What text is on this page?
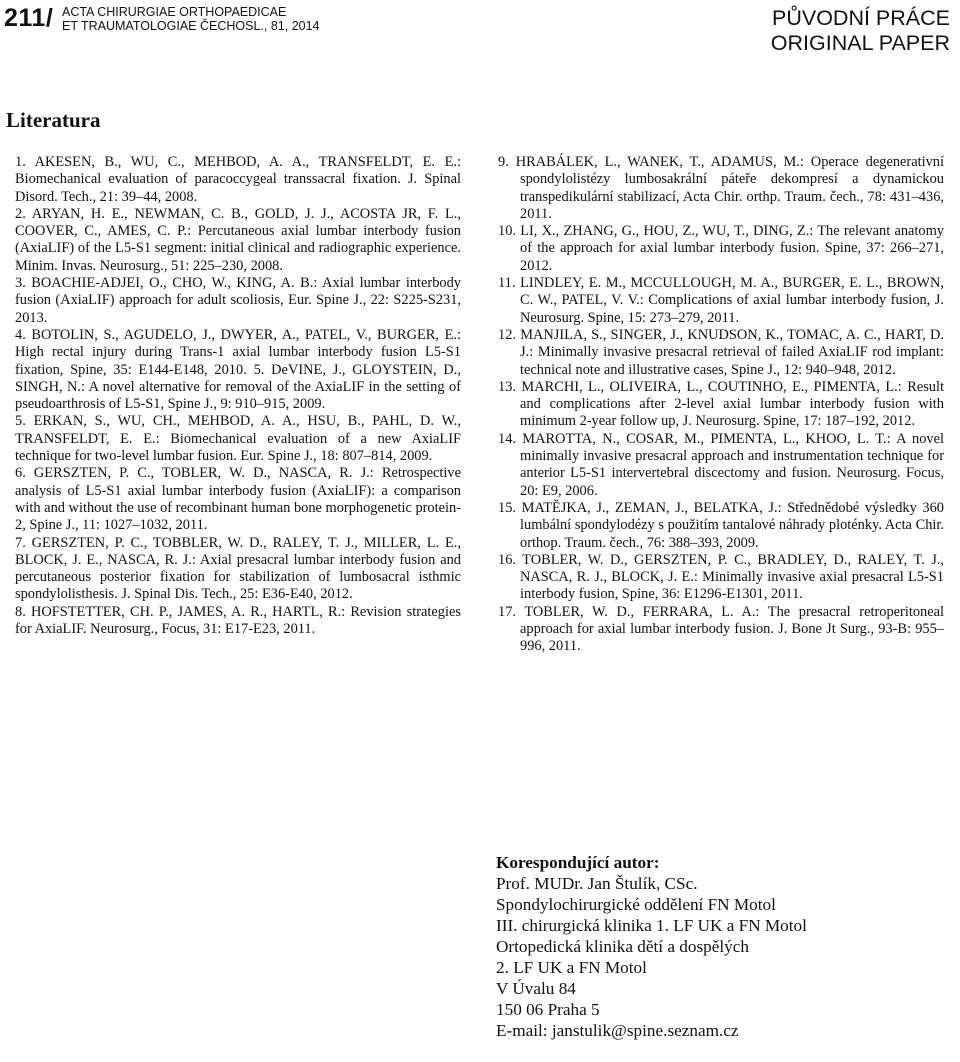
211/ ACTA CHIRURGIAE ORTHOPAEDICAE
ET TRAUMATOLOGIAE ČECHOSL., 81, 2014	PŮVODNÍ PRÁCE
ORIGINAL PAPER
Literatura

1. AKESEN, B., WU, C., MEHBOD, A. A., TRANSFELDT, E. E.: Biomechanical evaluation of paracoccygeal transsacral fixation. J. Spinal Disord. Tech., 21: 39–44, 2008.

2. ARYAN, H. E., NEWMAN, C. B., GOLD, J. J., ACOSTA JR, F. L., COOVER, C., AMES, C. P.: Percutaneous axial lumbar interbody fusion (AxiaLIF) of the L5-S1 segment: initial clinical and radiographic experience. Minim. Invas. Neurosurg., 51: 225–230, 2008.

3. BOACHIE-ADJEI, O., CHO, W., KING, A. B.: Axial lumbar interbody fusion (AxiaLIF) approach for adult scoliosis, Eur. Spine J., 22: S225-S231, 2013.

4. BOTOLIN, S., AGUDELO, J., DWYER, A., PATEL, V., BURGER, E.: High rectal injury during Trans-1 axial lumbar interbody fusion L5-S1 fixation, Spine, 35: E144-E148, 2010. 5. DeVINE, J., GLOYSTEIN, D., SINGH, N.: A novel alternative for removal of the AxiaLIF in the setting of pseudoarthrosis of L5-S1, Spine J., 9: 910–915, 2009.

5. ERKAN, S., WU, CH., MEHBOD, A. A., HSU, B., PAHL, D. W., TRANSFELDT, E. E.: Biomechanical evaluation of a new AxiaLIF technique for two-level lumbar fusion. Eur. Spine J., 18: 807–814, 2009.

6. GERSZTEN, P. C., TOBLER, W. D., NASCA, R. J.: Retrospective analysis of L5-S1 axial lumbar interbody fusion (AxiaLIF): a comparison with and without the use of recombinant human bone morphogenetic protein-2, Spine J., 11: 1027–1032, 2011.

7. GERSZTEN, P. C., TOBBLER, W. D., RALEY, T. J., MILLER, L. E., BLOCK, J. E., NASCA, R. J.: Axial presacral lumbar interbody fusion and percutaneous posterior fixation for stabilization of lumbosacral isthmic spondylolisthesis. J. Spinal Dis. Tech., 25: E36-E40, 2012.

8. HOFSTETTER, CH. P., JAMES, A. R., HARTL, R.: Revision strategies for AxiaLIF. Neurosurg., Focus, 31: E17-E23, 2011.

9. HRABÁLEK, L., WANEK, T., ADAMUS, M.: Operace degenerativní spondylolistézy lumbosakrální páteře dekompresí a dynamickou transpedikulární stabilizací, Acta Chir. orthp. Traum. čech., 78: 431–436, 2011.

10. LI, X., ZHANG, G., HOU, Z., WU, T., DING, Z.: The relevant anatomy of the approach for axial lumbar interbody fusion. Spine, 37: 266–271, 2012.

11. LINDLEY, E. M., MCCULLOUGH, M. A., BURGER, E. L., BROWN, C. W., PATEL, V. V.: Complications of axial lumbar interbody fusion, J. Neurosurg. Spine, 15: 273–279, 2011.

12. MANJILA, S., SINGER, J., KNUDSON, K., TOMAC, A. C., HART, D. J.: Minimally invasive presacral retrieval of failed AxiaLIF rod implant: technical note and illustrative cases, Spine J., 12: 940–948, 2012.

13. MARCHI, L., OLIVEIRA, L., COUTINHO, E., PIMENTA, L.: Result and complications after 2-level axial lumbar interbody fusion with minimum 2-year follow up, J. Neurosurg. Spine, 17: 187–192, 2012.

14. MAROTTA, N., COSAR, M., PIMENTA, L., KHOO, L. T.: A novel minimally invasive presacral approach and instrumentation technique for anterior L5-S1 intervertebral discectomy and fusion. Neurosurg. Focus, 20: E9, 2006.

15. MATĚJKA, J., ZEMAN, J., BELATKA, J.: Střednědobé výsledky 360 lumbální spondylodézy s použitím tantalové náhrady ploténky. Acta Chir. orthop. Traum. čech., 76: 388–393, 2009.

16. TOBLER, W. D., GERSZTEN, P. C., BRADLEY, D., RALEY, T. J., NASCA, R. J., BLOCK, J. E.: Minimally invasive axial presacral L5-S1 interbody fusion, Spine, 36: E1296-E1301, 2011.

17. TOBLER, W. D., FERRARA, L. A.: The presacral retroperitoneal approach for axial lumbar interbody fusion. J. Bone Jt Surg., 93-B: 955–996, 2011.

Korespondující autor:
Prof. MUDr. Jan Štulík, CSc.
Spondylochirurgické oddělení FN Motol
III. chirurgická klinika 1. LF UK a FN Motol
Ortopedická klinika dětí a dospělých
2. LF UK a FN Motol
V Úvalu 84
150 06 Praha 5
E-mail: janstulik@spine.seznam.cz
